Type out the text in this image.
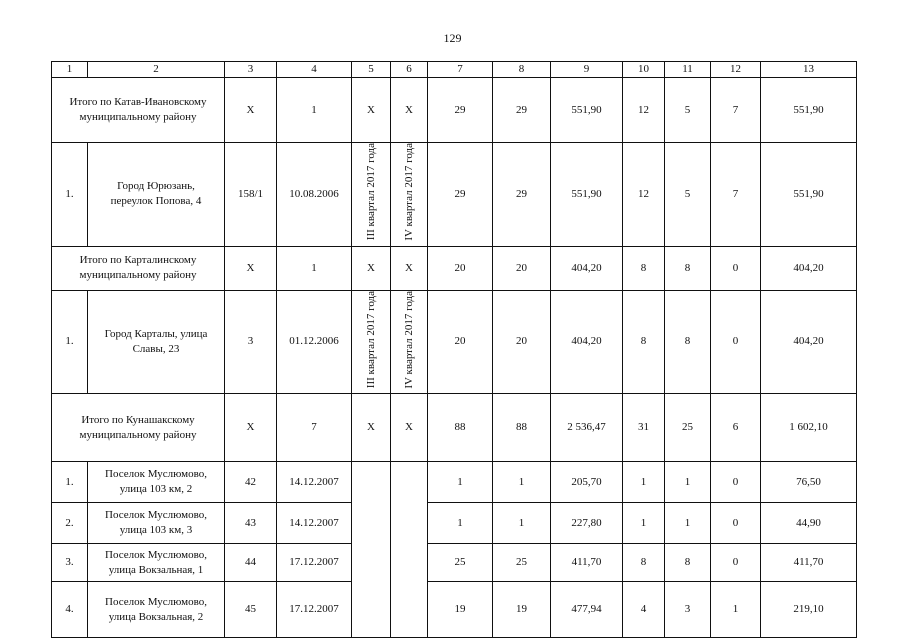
129
1	2	3	4	5	6	7	8	9	10	11	12	13
Итого по Катав-Ивановскому
муниципальному району		Х	1	Х	Х	29	29	551,90	12	5	7	551,90
1.	Город Юрюзань,
переулок Попова, 4	158/1	10.08.2006	III квартал 2017 года	IV квартал 2017 года	29	29	551,90	12	5	7	551,90
Итого по Карталинскому
муниципальному району		Х	1	Х	Х	20	20	404,20	8	8	0	404,20
1.	Город Карталы, улица
Славы, 23	3	01.12.2006	III квартал 2017 года	IV квартал 2017 года	20	20	404,20	8	8	0	404,20
Итого по Кунашакскому
муниципальному району		Х	7	Х	Х	88	88	2 536,47	31	25	6	1 602,10
1.	Поселок Муслюмово,
улица 103 км, 2	42	14.12.2007			1	1	205,70	1	1	0	76,50
2.	Поселок Муслюмово,
улица 103 км, 3	43	14.12.2007			1	1	227,80	1	1	0	44,90
3.	Поселок Муслюмово,
улица Вокзальная, 1	44	17.12.2007			25	25	411,70	8	8	0	411,70
4.	Поселок Муслюмово,
улица Вокзальная, 2	45	17.12.2007			19	19	477,94	4	3	1	219,10
